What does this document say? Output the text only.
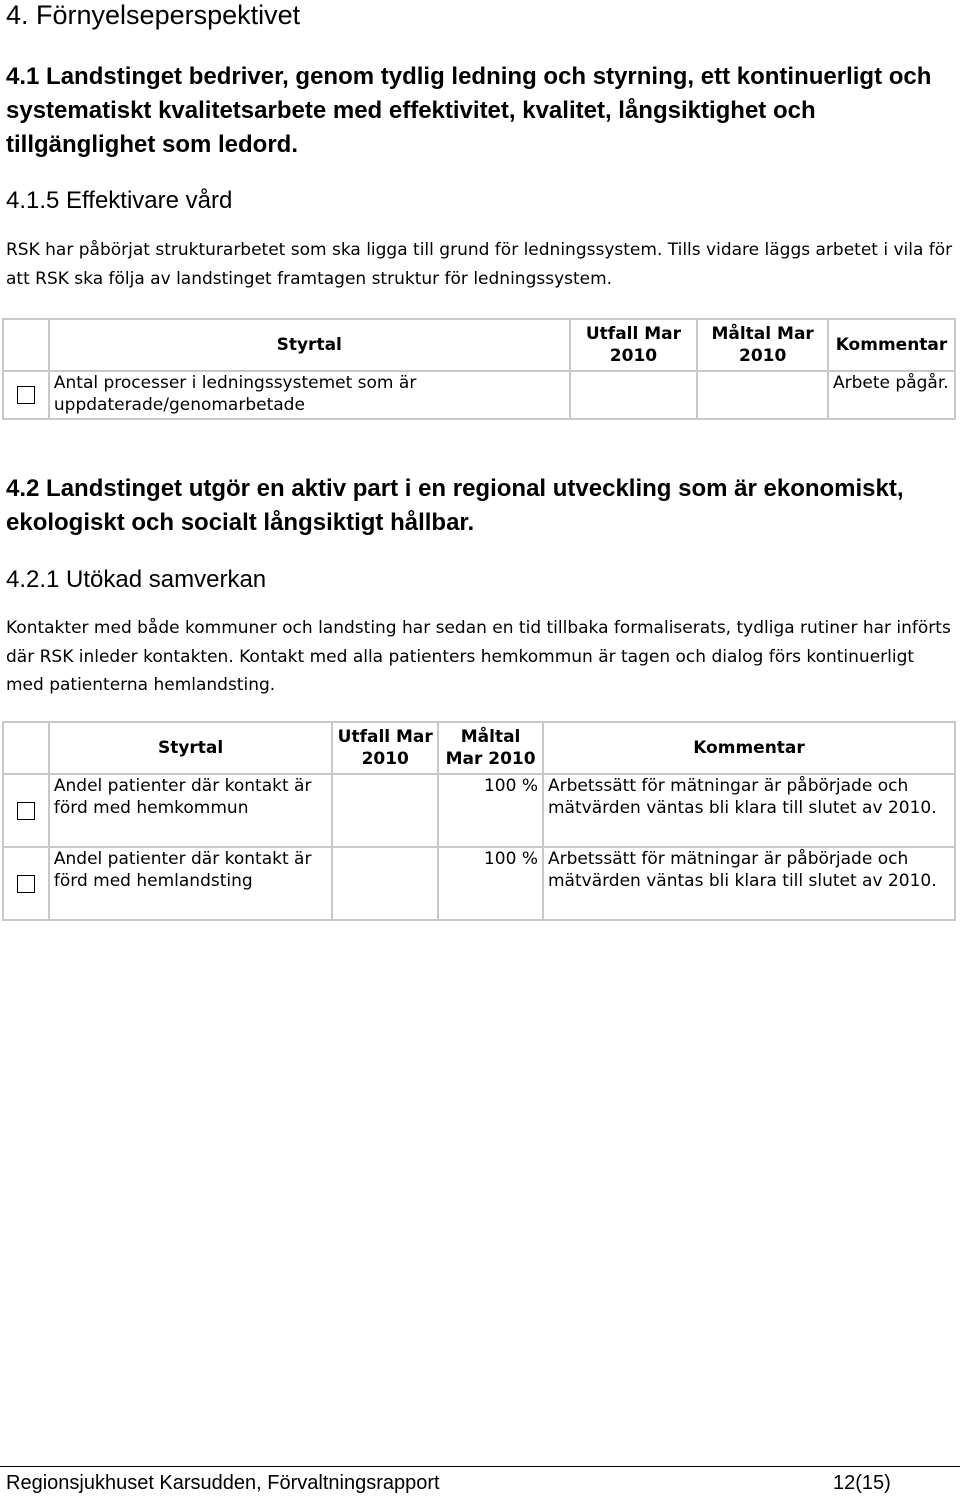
4. Förnyelseperspektivet
4.1 Landstinget bedriver, genom tydlig ledning och styrning, ett kontinuerligt och systematiskt kvalitetsarbete med effektivitet, kvalitet, långsiktighet och tillgänglighet som ledord.
4.1.5 Effektivare vård
RSK har påbörjat strukturarbetet som ska ligga till grund för ledningssystem. Tills vidare läggs arbetet i vila för att RSK ska följa av landstinget framtagen struktur för ledningssystem.
	Styrtal	Utfall Mar 2010	Måltal Mar 2010	Kommentar
	Antal processer i ledningssystemet som är uppdaterade/genomarbetade			Arbete pågår.
4.2 Landstinget utgör en aktiv part i en regional utveckling som är ekonomiskt, ekologiskt och socialt långsiktigt hållbar.
4.2.1 Utökad samverkan
Kontakter med både kommuner och landsting har sedan en tid tillbaka formaliserats, tydliga rutiner har införts där RSK inleder kontakten. Kontakt med alla patienters hemkommun är tagen och dialog förs kontinuerligt med patienterna hemlandsting.
	Styrtal	Utfall Mar 2010	Måltal Mar 2010	Kommentar
	Andel patienter där kontakt är förd med hemkommun		100 %	Arbetssätt för mätningar är påbörjade och mätvärden väntas bli klara till slutet av 2010.
	Andel patienter där kontakt är förd med hemlandsting		100 %	Arbetssätt för mätningar är påbörjade och mätvärden väntas bli klara till slutet av 2010.
Regionsjukhuset Karsudden, Förvaltningsrapport	12(15)
